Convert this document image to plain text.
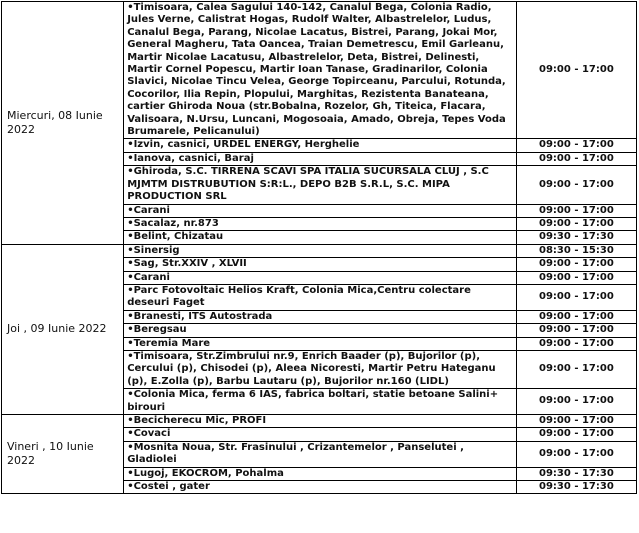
Miercuri, 08 Iunie 2022	•Timisoara, Calea Sagului 140-142, Canalul Bega, Colonia Radio, Jules Verne, Calistrat Hogas, Rudolf Walter, Albastrelelor, Ludus, Canalul Bega, Parang, Nicolae Lacatus, Bistrei, Parang, Jokai Mor, General Magheru, Tata Oancea, Traian Demetrescu, Emil Garleanu, Martir Nicolae Lacatusu, Albastrelelor, Deta, Bistrei, Delinesti, Martir Cornel Popescu, Martir Ioan Tanase, Gradinarilor, Colonia Slavici, Nicolae Tincu Velea, George Topirceanu, Parcului, Rotunda, Cocorilor, Ilia Repin, Plopului, Marghitas, Rezistenta Banateana, cartier Ghiroda Noua (str.Bobalna, Rozelor, Gh, Titeica, Flacara, Valisoara, N.Ursu, Luncani, Mogosoaia, Amado, Obreja, Tepes Voda Brumarele, Pelicanului)	09:00 - 17:00
	•Izvin, casnici, URDEL ENERGY, Herghelie	09:00 - 17:00
	•Ianova, casnici, Baraj	09:00 - 17:00
	•Ghiroda, S.C. TIRRENA SCAVI SPA ITALIA SUCURSALA CLUJ , S.C MJMTM DISTRUBUTION S:R:L., DEPO B2B S.R.L, S.C. MIPA PRODUCTION SRL	09:00 - 17:00
	•Carani	09:00 - 17:00
	•Sacalaz, nr.873	09:00 - 17:00
	•Belint, Chizatau	09:30 - 17:30
Joi , 09 Iunie 2022	•Sinersig	08:30 - 15:30
	•Sag, Str.XXIV , XLVII	09:00 - 17:00
	•Carani	09:00 - 17:00
	•Parc Fotovoltaic Helios Kraft, Colonia Mica,Centru colectare deseuri Faget	09:00 - 17:00
	•Branesti, ITS Autostrada	09:00 - 17:00
	•Beregsau	09:00 - 17:00
	•Teremia Mare	09:00 - 17:00
	•Timisoara, Str.Zimbrului nr.9, Enrich Baader (p), Bujorilor (p), Cercului (p), Chisodei (p), Aleea Nicoresti, Martir Petru Hateganu (p), E.Zolla (p), Barbu Lautaru (p), Bujorilor nr.160 (LIDL)	09:00 - 17:00
	•Colonia Mica, ferma 6 IAS, fabrica boltari, statie betoane Salini+ birouri	09:00 - 17:00
Vineri , 10 Iunie 2022	•Becicherecu Mic, PROFI	09:00 - 17:00
	•Covaci	09:00 - 17:00
	•Mosnita Noua, Str. Frasinului , Crizantemelor , Panselutei , Gladiolei	09:00 - 17:00
	•Lugoj, EKOCROM, Pohalma	09:30 - 17:30
	•Costei , gater	09:30 - 17:30
